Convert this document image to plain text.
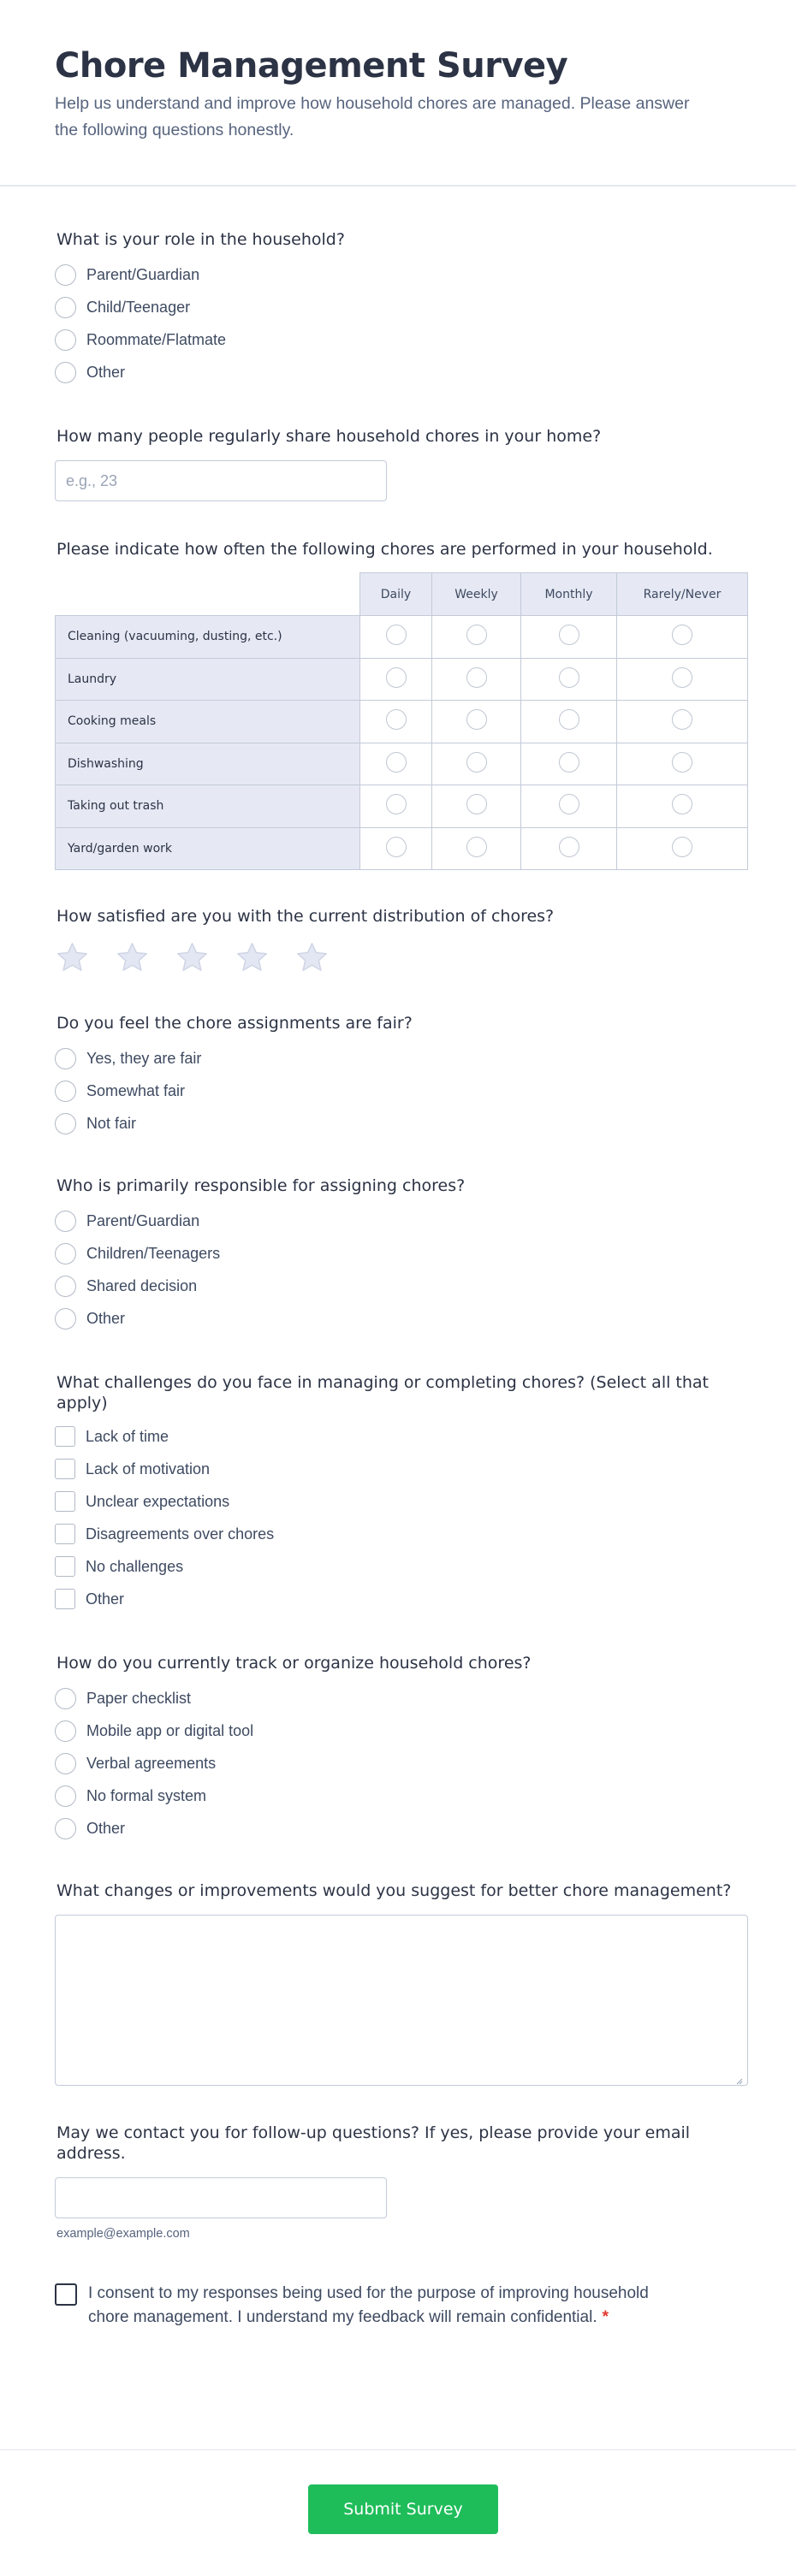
Chore Management Survey

Help us understand and improve how household chores are managed. Please answer the following questions honestly.

What is your role in the household?
Parent/Guardian
Child/Teenager
Roommate/Flatmate
Other
How many people regularly share household chores in your home?
e.g., 23
Please indicate how often the following chores are performed in your household.
	Daily	Weekly	Monthly	Rarely/Never
Cleaning (vacuuming, dusting, etc.)				
Laundry				
Cooking meals				
Dishwashing				
Taking out trash				
Yard/garden work				
How satisfied are you with the current distribution of chores?
Do you feel the chore assignments are fair?
Yes, they are fair
Somewhat fair
Not fair
Who is primarily responsible for assigning chores?
Parent/Guardian
Children/Teenagers
Shared decision
Other
What challenges do you face in managing or completing chores? (Select all that apply)
Lack of time
Lack of motivation
Unclear expectations
Disagreements over chores
No challenges
Other
How do you currently track or organize household chores?
Paper checklist
Mobile app or digital tool
Verbal agreements
No formal system
Other
What changes or improvements would you suggest for better chore management?
May we contact you for follow-up questions? If yes, please provide your email address.
example@example.com
I consent to my responses being used for the purpose of improving household chore management. I understand my feedback will remain confidential. *
Submit Survey
